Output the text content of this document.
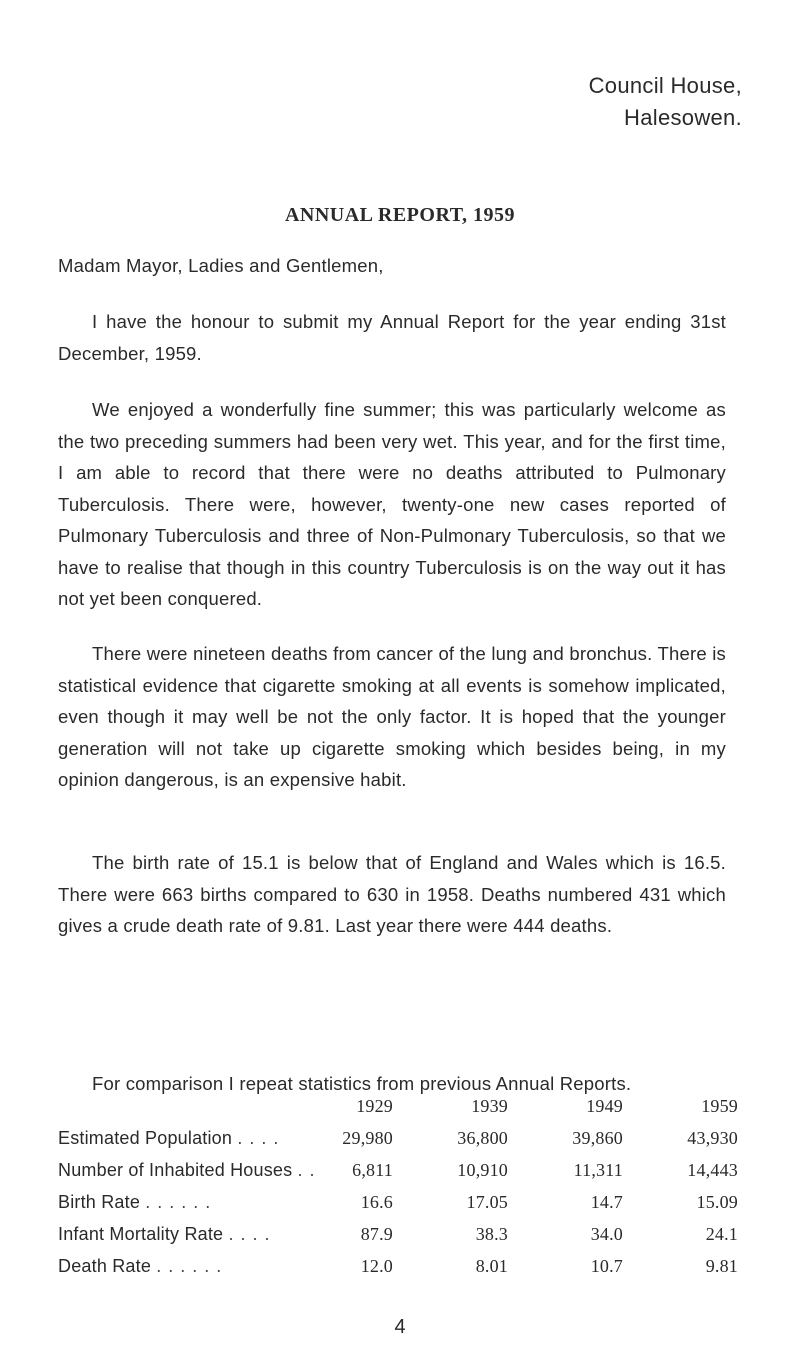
Council House,
Halesowen.
ANNUAL REPORT, 1959

Madam Mayor, Ladies and Gentlemen,

I have the honour to submit my Annual Report for the year ending 31st December, 1959.

We enjoyed a wonderfully fine summer; this was particularly welcome as the two preceding summers had been very wet. This year, and for the first time, I am able to record that there were no deaths attributed to Pulmonary Tuberculosis. There were, however, twenty-one new cases reported of Pulmonary Tuberculosis and three of Non-Pulmonary Tuberculosis, so that we have to realise that though in this country Tuberculosis is on the way out it has not yet been conquered.

There were nineteen deaths from cancer of the lung and bronchus. There is statistical evidence that cigarette smoking at all events is somehow implicated, even though it may well be not the only factor. It is hoped that the younger generation will not take up cigarette smoking which besides being, in my opinion dangerous, is an expensive habit.

The birth rate of 15.1 is below that of England and Wales which is 16.5. There were 663 births compared to 630 in 1958. Deaths numbered 431 which gives a crude death rate of 9.81. Last year there were 444 deaths.

For comparison I repeat statistics from previous Annual Reports.

	1929	1939	1949	1959
Estimated Population . . . .	29,980	36,800	39,860	43,930
Number of Inhabited Houses . .	6,811	10,910	11,311	14,443
Birth Rate . . . . . .	16.6	17.05	14.7	15.09
Infant Mortality Rate . . . .	87.9	38.3	34.0	24.1
Death Rate . . . . . .	12.0	8.01	10.7	9.81
4
